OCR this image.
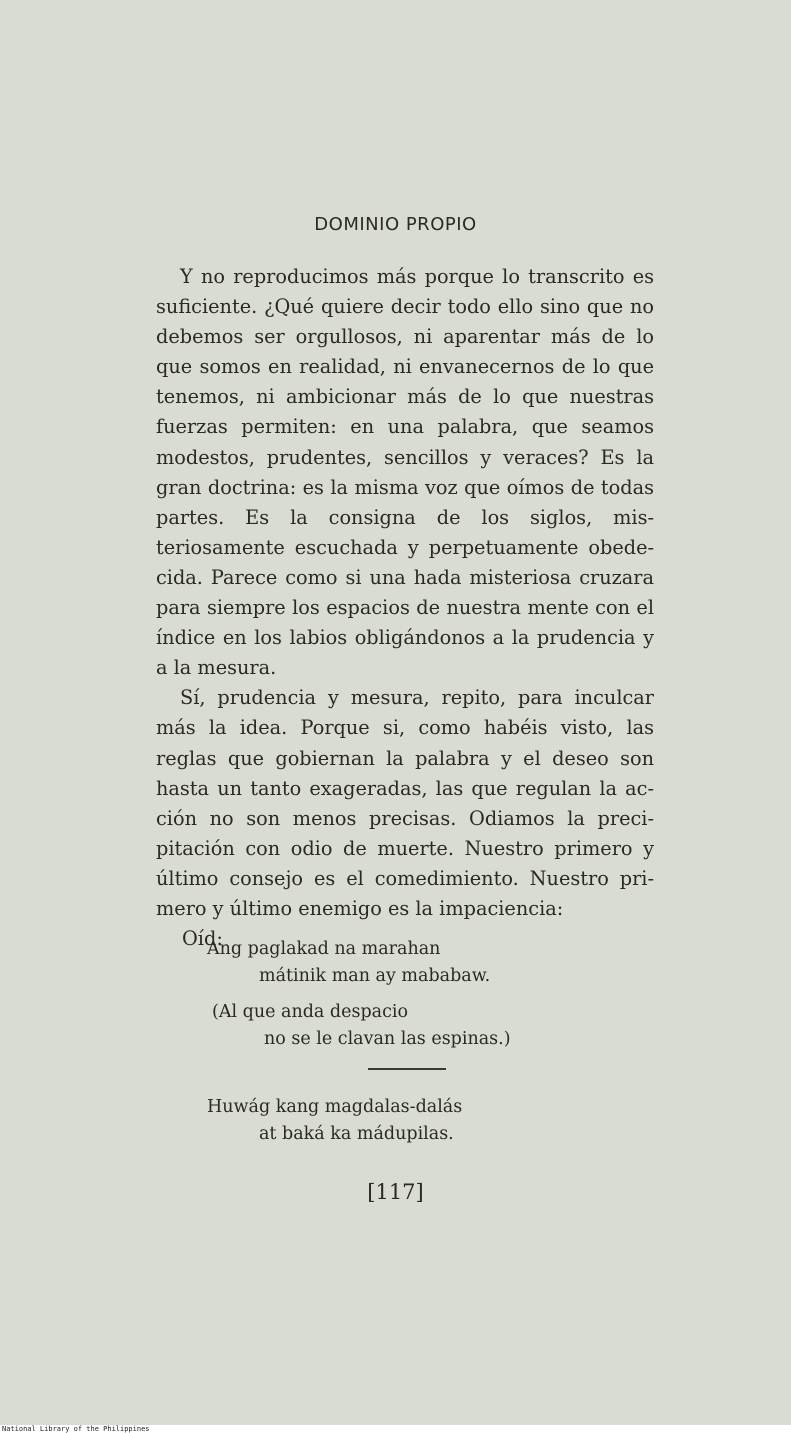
DOMINIO PROPIO

Y no reproducimos más porque lo transcrito es suficiente. ¿Qué quiere decir todo ello sino que no debemos ser orgullosos, ni aparentar más de lo que somos en realidad, ni envanecernos de lo que tenemos, ni ambicionar más de lo que nuestras fuerzas permiten: en una palabra, que seamos modestos, prudentes, sencillos y veraces? Es la gran doctrina: es la misma voz que oímos de todas partes. Es la consigna de los siglos, misteriosamente escuchada y perpetuamente obedecida. Parece como si una hada misteriosa cruzara para siempre los espacios de nuestra mente con el índice en los labios obligándonos a la prudencia y a la mesura.

Sí, prudencia y mesura, repito, para inculcar más la idea. Porque si, como habéis visto, las reglas que gobiernan la palabra y el deseo son hasta un tanto exageradas, las que regulan la acción no son menos precisas. Odiamos la precipitación con odio de muerte. Nuestro primero y último consejo es el comedimiento. Nuestro primero y último enemigo es la impaciencia:

Oíd:
Ang paglakad na marahan
mátinik man ay mababaw.
(Al que anda despacio
no se le clavan las espinas.)
Huwág kang magdalas-dalás
at baká ka mádupilas.
[117]
National Library of the Philippines
